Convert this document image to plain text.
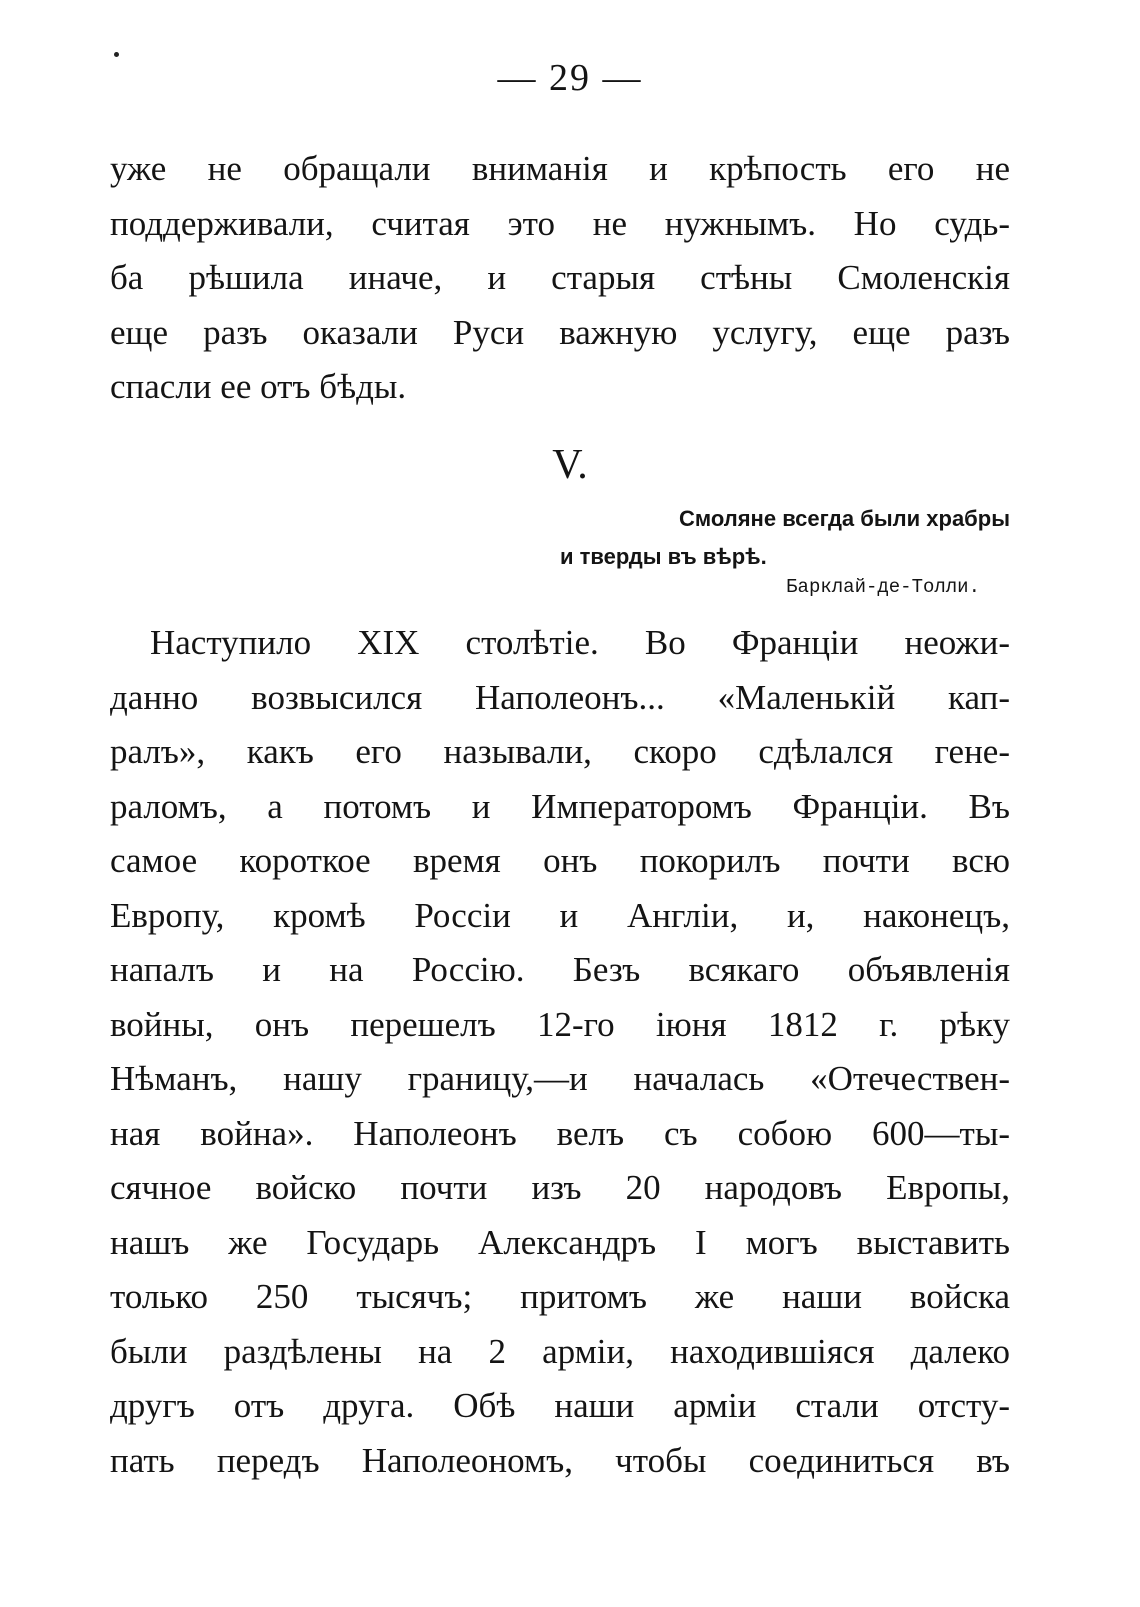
— 29 —
уже не обращали вниманія и крѣпость его не
поддерживали, считая это не нужнымъ. Но судь-
ба рѣшила иначе, и старыя стѣны Смоленскія
еще разъ оказали Руси важную услугу, еще разъ
спасли ее отъ бѣды.
V.
Смоляне всегда были храбры
и тверды въ вѣрѣ.
Барклай-де-Толли.
Наступило XIX столѣтіе. Во Франціи неожи-
данно возвысился Наполеонъ... «Маленькій кап-
ралъ», какъ его называли, скоро сдѣлался гене-
раломъ, а потомъ и Императоромъ Франціи. Въ
самое короткое время онъ покорилъ почти всю
Европу, кромѣ Россіи и Англіи, и, наконецъ,
напалъ и на Россію. Безъ всякаго объявленія
войны, онъ перешелъ 12-го іюня 1812 г. рѣку
Нѣманъ, нашу границу,—и началась «Отечествен-
ная война». Наполеонъ велъ съ собою 600—ты-
сячное войско почти изъ 20 народовъ Европы,
нашъ же Государь Александръ I могъ выставить
только 250 тысячъ; притомъ же наши войска
были раздѣлены на 2 арміи, находившіяся далеко
другъ отъ друга. Обѣ наши арміи стали отсту-
пать передъ Наполеономъ, чтобы соединиться въ
